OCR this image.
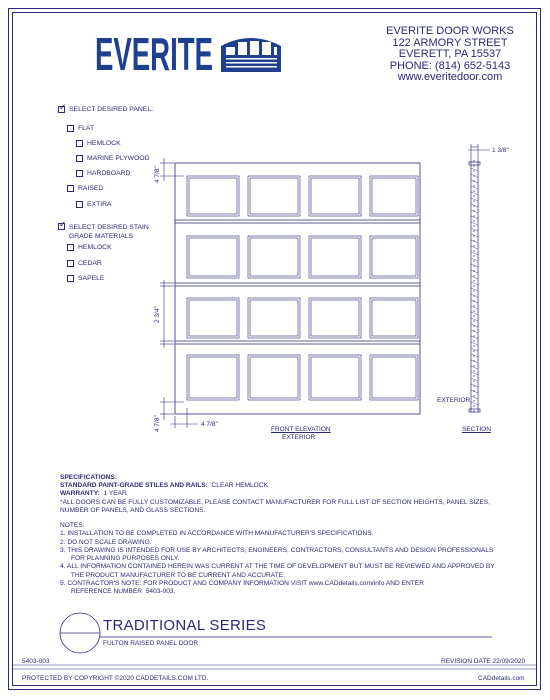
EVERITE	EVERITE DOOR WORKS
122 ARMORY STREET
EVERETT, PA 15537
PHONE: (814) 652-5143
www.everitedoor.com
✓
SELECT DESIRED PANEL:
FLAT
HEMLOCK
MARINE PLYWOOD
HARDBOARD
RAISED
EXTIRA
✓
SELECT DESIRED STAIN
GRADE MATERIALS
HEMLOCK
CEDAR
SAPELE
4 7/8"
2 3/4"
4 7/8"	4 7/8"
1 3/8"
FRONT ELEVATION
EXTERIOR
EXTERIOR
SECTION
SPECIFICATIONS:
STANDARD PAINT-GRADE STILES AND RAILS: CLEAR HEMLOCK
WARRANTY: 1 YEAR
*ALL DOORS CAN BE FULLY CUSTOMIZABLE, PLEASE CONTACT MANUFACTURER FOR FULL LIST OF SECTION HEIGHTS, PANEL SIZES,
NUMBER OF PANELS, AND GLASS SECTIONS.
NOTES:
1. INSTALLATION TO BE COMPLETED IN ACCORDANCE WITH MANUFACTURER'S SPECIFICATIONS.
2. DO NOT SCALE DRAWING.
3. THIS DRAWING IS INTENDED FOR USE BY ARCHITECTS, ENGINEERS, CONTRACTORS, CONSULTANTS AND DESIGN PROFESSIONALS
FOR PLANNING PURPOSES ONLY.
4. ALL INFORMATION CONTAINED HEREIN WAS CURRENT AT THE TIME OF DEVELOPMENT BUT MUST BE REVIEWED AND APPROVED BY
THE PRODUCT MANUFACTURER TO BE CURRENT AND ACCURATE.
5. CONTRACTOR'S NOTE: FOR PRODUCT AND COMPANY INFORMATION VISIT www.CADdetails.com/info AND ENTER
REFERENCE NUMBER  5403-003.
TRADITIONAL SERIES
FULTON RAISED PANEL DOOR
5403-003	REVISION DATE 22/09/2020
PROTECTED BY COPYRIGHT ©2020 CADDETAILS.COM LTD.	CADdetails.com
